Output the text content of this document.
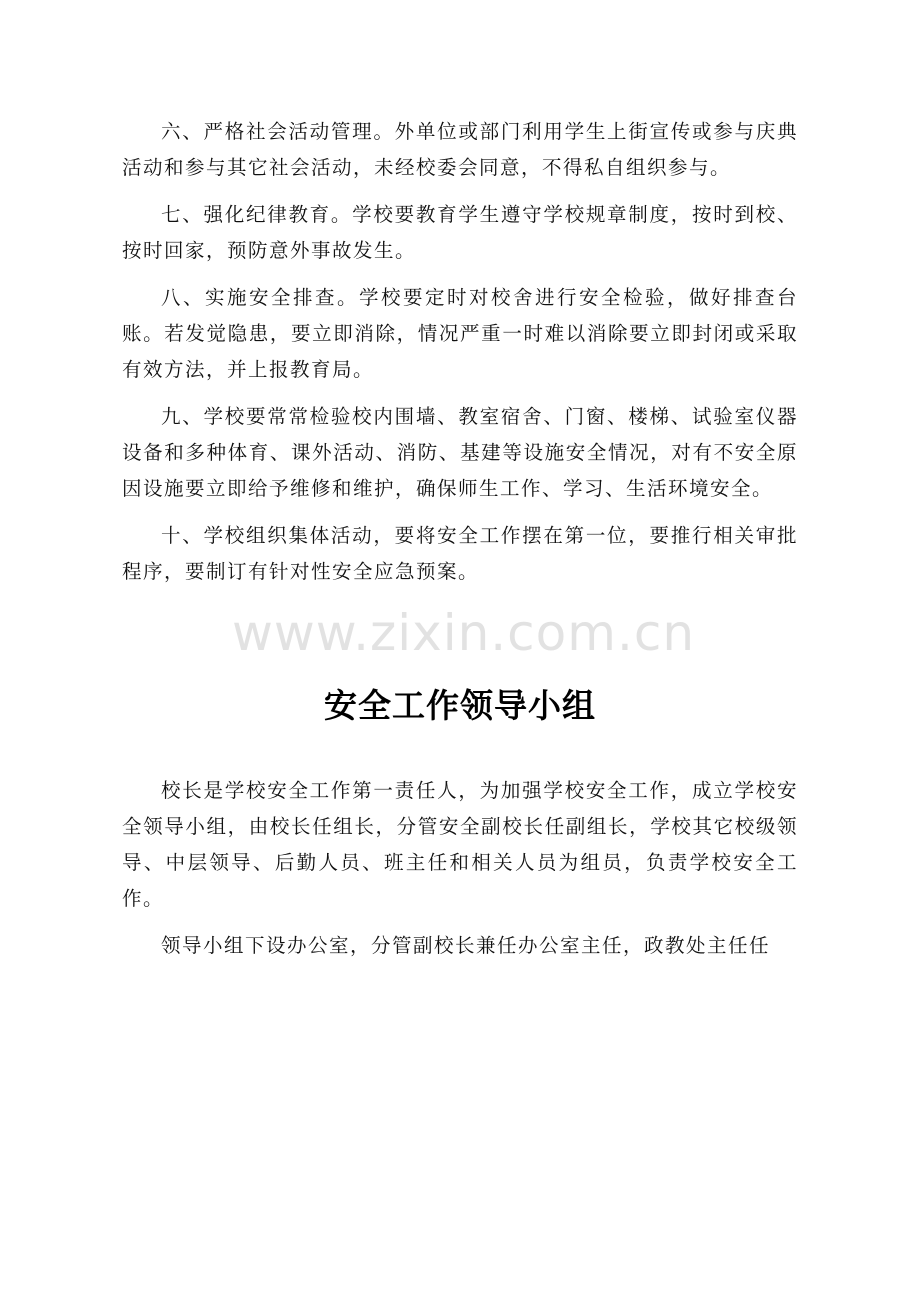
www.zixin.com.cn

六、严格社会活动管理。外单位或部门利用学生上街宣传或参与庆典活动和参与其它社会活动，未经校委会同意，不得私自组织参与。

七、强化纪律教育。学校要教育学生遵守学校规章制度，按时到校、按时回家，预防意外事故发生。

八、实施安全排查。学校要定时对校舍进行安全检验，做好排查台账。若发觉隐患，要立即消除，情况严重一时难以消除要立即封闭或采取有效方法，并上报教育局。

九、学校要常常检验校内围墙、教室宿舍、门窗、楼梯、试验室仪器设备和多种体育、课外活动、消防、基建等设施安全情况，对有不安全原因设施要立即给予维修和维护，确保师生工作、学习、生活环境安全。

十、学校组织集体活动，要将安全工作摆在第一位，要推行相关审批程序，要制订有针对性安全应急预案。

安全工作领导小组

校长是学校安全工作第一责任人，为加强学校安全工作，成立学校安全领导小组，由校长任组长，分管安全副校长任副组长，学校其它校级领导、中层领导、后勤人员、班主任和相关人员为组员，负责学校安全工作。

领导小组下设办公室，分管副校长兼任办公室主任，政教处主任任
